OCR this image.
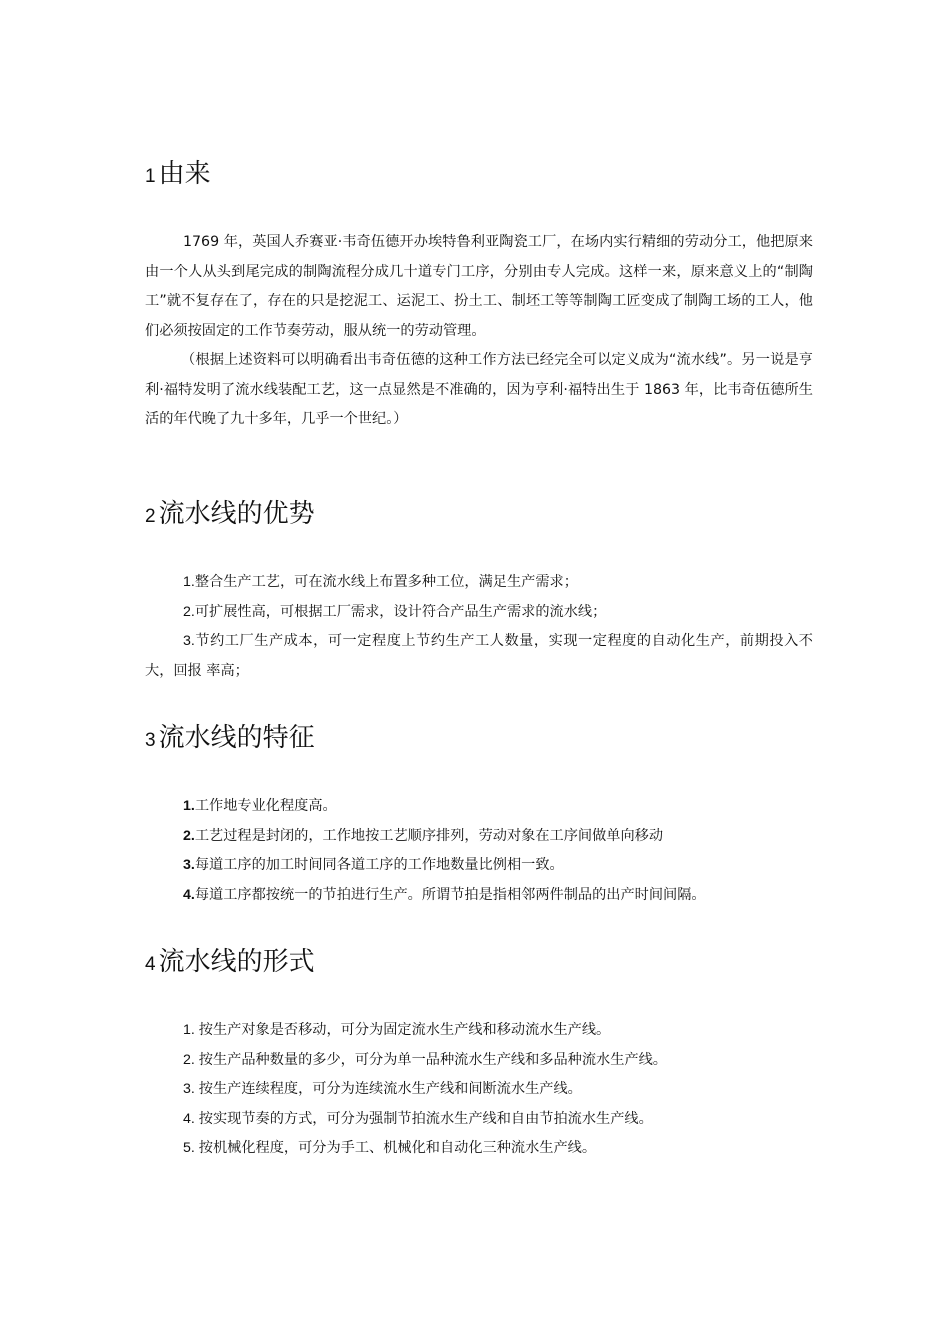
1 由来

1769 年，英国人乔赛亚·韦奇伍德开办埃特鲁利亚陶瓷工厂，在场内实行精细的劳动分工，他把原来由一个人从头到尾完成的制陶流程分成几十道专门工序，分别由专人完成。这样一来，原来意义上的“制陶工”就不复存在了，存在的只是挖泥工、运泥工、扮土工、制坯工等等制陶工匠变成了制陶工场的工人，他们必须按固定的工作节奏劳动，服从统一的劳动管理。

（根据上述资料可以明确看出韦奇伍德的这种工作方法已经完全可以定义成为“流水线”。另一说是亨利·福特发明了流水线装配工艺，这一点显然是不准确的，因为亨利·福特出生于 1863 年，比韦奇伍德所生活的年代晚了九十多年，几乎一个世纪。）

2 流水线的优势
1.整合生产工艺，可在流水线上布置多种工位，满足生产需求；
2.可扩展性高，可根据工厂需求，设计符合产品生产需求的流水线；
3.节约工厂生产成本，可一定程度上节约生产工人数量，实现一定程度的自动化生产，前期投入不大，回报 率高；
3 流水线的特征
1.工作地专业化程度高。
2.工艺过程是封闭的，工作地按工艺顺序排列，劳动对象在工序间做单向移动
3.每道工序的加工时间同各道工序的工作地数量比例相一致。
4.每道工序都按统一的节拍进行生产。所谓节拍是指相邻两件制品的出产时间间隔。
4 流水线的形式
1. 按生产对象是否移动，可分为固定流水生产线和移动流水生产线。
2. 按生产品种数量的多少，可分为单一品种流水生产线和多品种流水生产线。
3. 按生产连续程度，可分为连续流水生产线和间断流水生产线。
4. 按实现节奏的方式，可分为强制节拍流水生产线和自由节拍流水生产线。
5. 按机械化程度，可分为手工、机械化和自动化三种流水生产线。
